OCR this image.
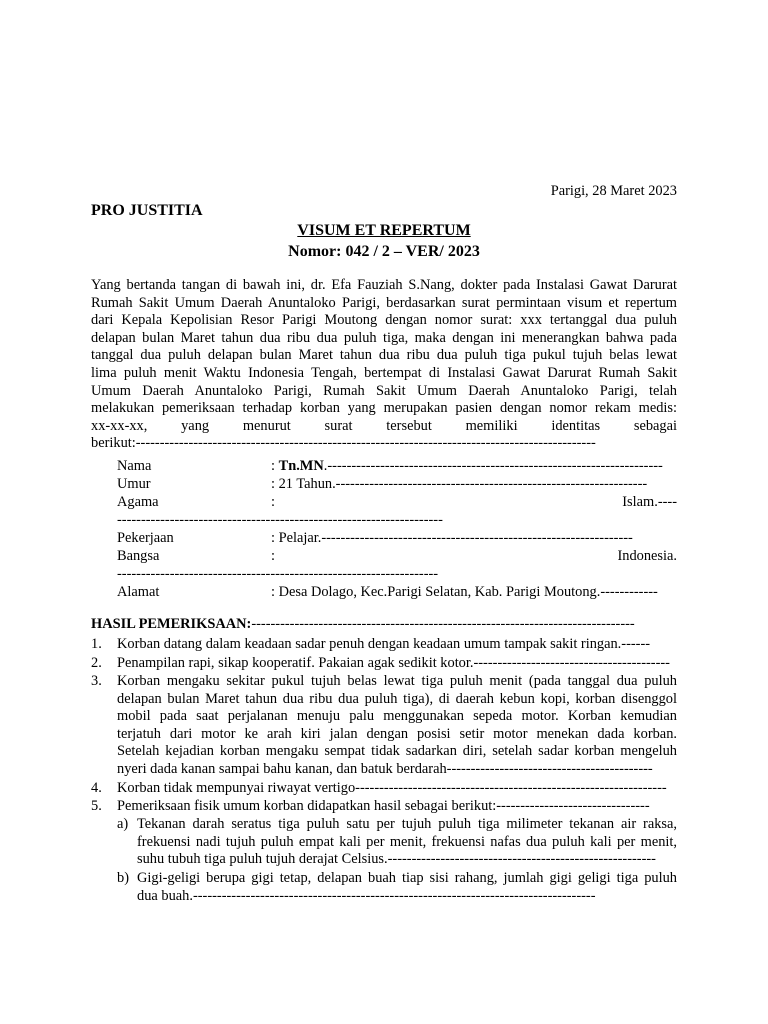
Parigi, 28 Maret 2023
PRO JUSTITIA
VISUM ET REPERTUM
Nomor: 042 / 2 – VER/ 2023
Yang bertanda tangan di bawah ini, dr. Efa Fauziah S.Nang, dokter pada Instalasi Gawat Darurat
Rumah Sakit Umum Daerah Anuntaloko Parigi, berdasarkan surat permintaan visum et repertum
dari Kepala Kepolisian Resor Parigi Moutong dengan nomor surat: xxx tertanggal dua puluh
delapan bulan Maret tahun dua ribu dua puluh tiga, maka dengan ini menerangkan bahwa pada
tanggal dua puluh delapan bulan Maret tahun dua ribu dua puluh tiga pukul tujuh belas lewat
lima puluh menit Waktu Indonesia Tengah, bertempat di Instalasi Gawat Darurat Rumah Sakit
Umum Daerah Anuntaloko Parigi, Rumah Sakit Umum Daerah Anuntaloko Parigi, telah
melakukan pemeriksaan terhadap korban yang merupakan pasien dengan nomor rekam medis:
xx-xx-xx, yang menurut surat tersebut memiliki identitas sebagai
berikut:------------------------------------------------------------------------------------------------
Nama	: Tn.MN.----------------------------------------------------------------------
Umur	: 21 Tahun.-----------------------------------------------------------------
Agama	:	Islam.----
--------------------------------------------------------------------
Pekerjaan	: Pelajar.-----------------------------------------------------------------
Bangsa	:	Indonesia.
-------------------------------------------------------------------
Alamat	: Desa Dolago, Kec.Parigi Selatan, Kab. Parigi Moutong.------------
HASIL PEMERIKSAAN:--------------------------------------------------------------------------------
1. Korban datang dalam keadaan sadar penuh dengan keadaan umum tampak sakit ringan.------
2. Penampilan rapi, sikap kooperatif. Pakaian agak sedikit kotor.-----------------------------------------
3. Korban mengaku sekitar pukul tujuh belas lewat tiga puluh menit (pada tanggal dua puluh
delapan bulan Maret tahun dua ribu dua puluh tiga), di daerah kebun kopi, korban disenggol
mobil pada saat perjalanan menuju palu menggunakan sepeda motor. Korban kemudian
terjatuh dari motor ke arah kiri jalan dengan posisi setir motor menekan dada korban.
Setelah kejadian korban mengaku sempat tidak sadarkan diri, setelah sadar korban mengeluh
nyeri dada kanan sampai bahu kanan, dan batuk berdarah-------------------------------------------
4. Korban tidak mempunyai riwayat vertigo-----------------------------------------------------------------
5. Pemeriksaan fisik umum korban didapatkan hasil sebagai berikut:--------------------------------
a) Tekanan darah seratus tiga puluh satu per tujuh puluh tiga milimeter tekanan air raksa,
frekuensi nadi tujuh puluh empat kali per menit, frekuensi nafas dua puluh kali per menit,
suhu tubuh tiga puluh tujuh derajat Celsius.--------------------------------------------------------
b) Gigi-geligi berupa gigi tetap, delapan buah tiap sisi rahang, jumlah gigi geligi tiga puluh
dua buah.------------------------------------------------------------------------------------
